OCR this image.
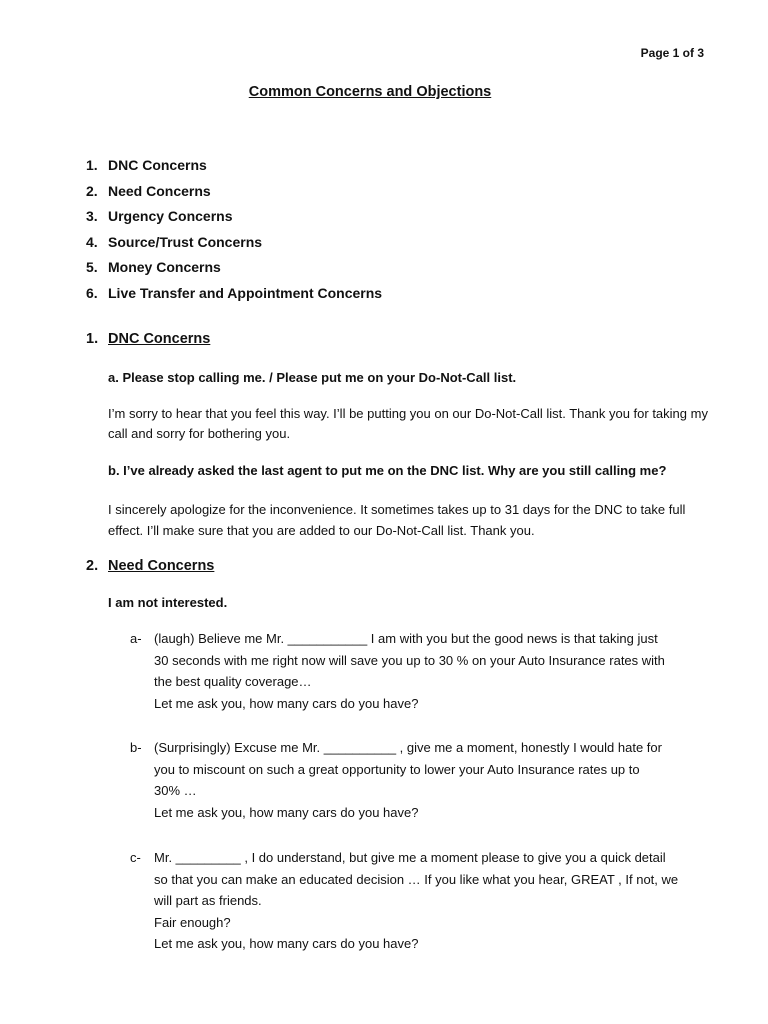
Page 1 of 3
Common Concerns and Objections
1. DNC Concerns
2. Need Concerns
3. Urgency Concerns
4. Source/Trust Concerns
5. Money Concerns
6. Live Transfer and Appointment Concerns
1. DNC Concerns
a. Please stop calling me. / Please put me on your Do-Not-Call list.
I’m sorry to hear that you feel this way. I’ll be putting you on our Do-Not-Call list. Thank you for taking my call and sorry for bothering you.
b. I’ve already asked the last agent to put me on the DNC list. Why are you still calling me?
I sincerely apologize for the inconvenience. It sometimes takes up to 31 days for the DNC to take full effect. I’ll make sure that you are added to our Do-Not-Call list. Thank you.
2. Need Concerns
I am not interested.
a- (laugh) Believe me Mr. ___________ I am with you but the good news is that taking just
30 seconds with me right now will save you up to 30 % on your Auto Insurance rates with
the best quality coverage…
Let me ask you, how many cars do you have?
b- (Surprisingly) Excuse me Mr. __________ , give me a moment, honestly I would hate for
you to miscount on such a great opportunity to lower your Auto Insurance rates up to
30% …
Let me ask you, how many cars do you have?
c- Mr. _________ , I do understand, but give me a moment please to give you a quick detail
so that you can make an educated decision … If you like what you hear, GREAT , If not, we
will part as friends.
Fair enough?
Let me ask you, how many cars do you have?
